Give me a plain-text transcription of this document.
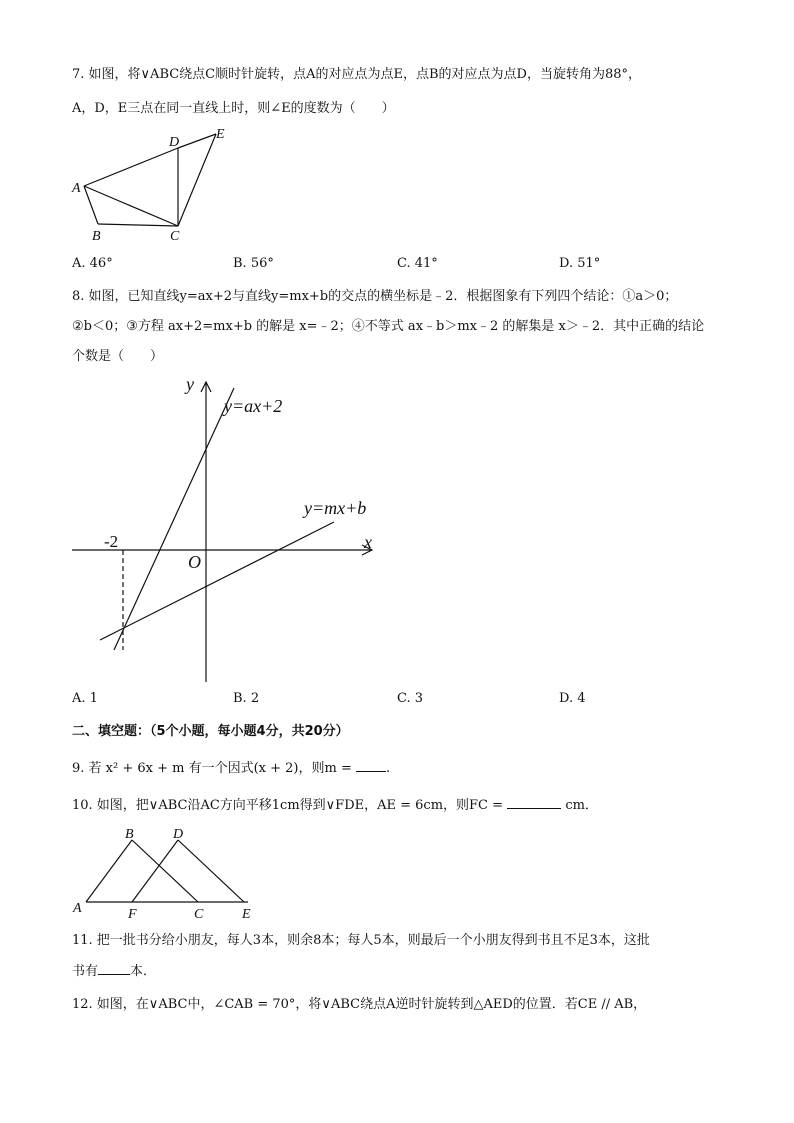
7. 如图，将∨ABC绕点C顺时针旋转，点A的对应点为点E，点B的对应点为点D，当旋转角为88°，
A，D，E三点在同一直线上时，则∠E的度数为（　　）
A
B	C
D
E
A. 46°	B. 56°	C. 41°	D. 51°
8. 如图，已知直线y=ax+2与直线y=mx+b的交点的横坐标是﹣2．根据图象有下列四个结论：①a＞0；
②b＜0；③方程 ax+2=mx+b 的解是 x=﹣2；④不等式 ax﹣b＞mx﹣2 的解集是 x＞﹣2．其中正确的结论
个数是（　　）
y
x
O
-2
y=ax+2
y=mx+b
A. 1	B. 2	C. 3	D. 4
二、填空题：（5个小题，每小题4分，共20分）
9. 若 x² + 6x + m 有一个因式(x + 2)，则m =	.
10. 如图，把∨ABC沿AC方向平移1cm得到∨FDE，AE = 6cm，则FC =	cm．
A
B	D
F	C	E
11. 把一批书分给小朋友，每人3本，则余8本；每人5本，则最后一个小朋友得到书且不足3本，这批
书有 本．
12. 如图，在∨ABC中，∠CAB = 70°，将∨ABC绕点A逆时针旋转到△AED的位置．若CE // AB，
